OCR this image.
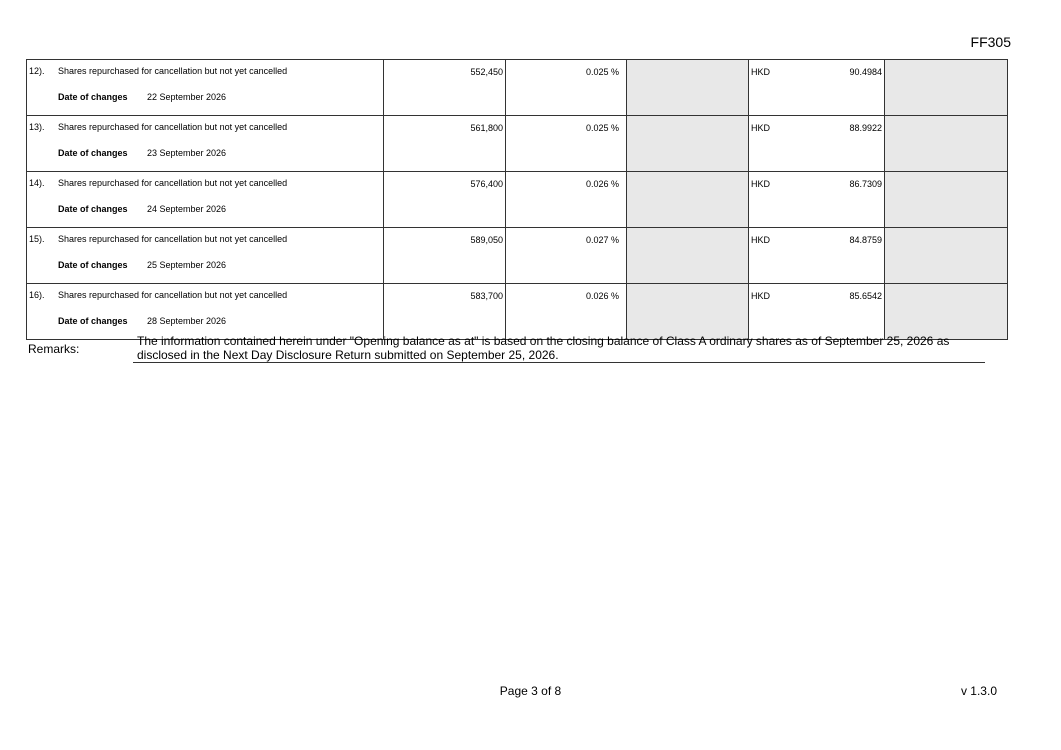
FF305
12). Shares repurchased for cancellation but not yet cancelled
Date of changes 22 September 2026	552,450	0.025 %		HKD 90.4984	

13). Shares repurchased for cancellation but not yet cancelled
Date of changes 23 September 2026	561,800	0.025 %		HKD 88.9922	

14). Shares repurchased for cancellation but not yet cancelled
Date of changes 24 September 2026	576,400	0.026 %		HKD 86.7309	

15). Shares repurchased for cancellation but not yet cancelled
Date of changes 25 September 2026	589,050	0.027 %		HKD 84.8759	

16). Shares repurchased for cancellation but not yet cancelled
Date of changes 28 September 2026	583,700	0.026 %		HKD 85.6542	

Remarks:
The information contained herein under "Opening balance as at" is based on the closing balance of Class A ordinary shares as of September 25, 2026 as disclosed in the Next Day Disclosure Return submitted on September 25, 2026.
Page 3 of 8	v 1.3.0
